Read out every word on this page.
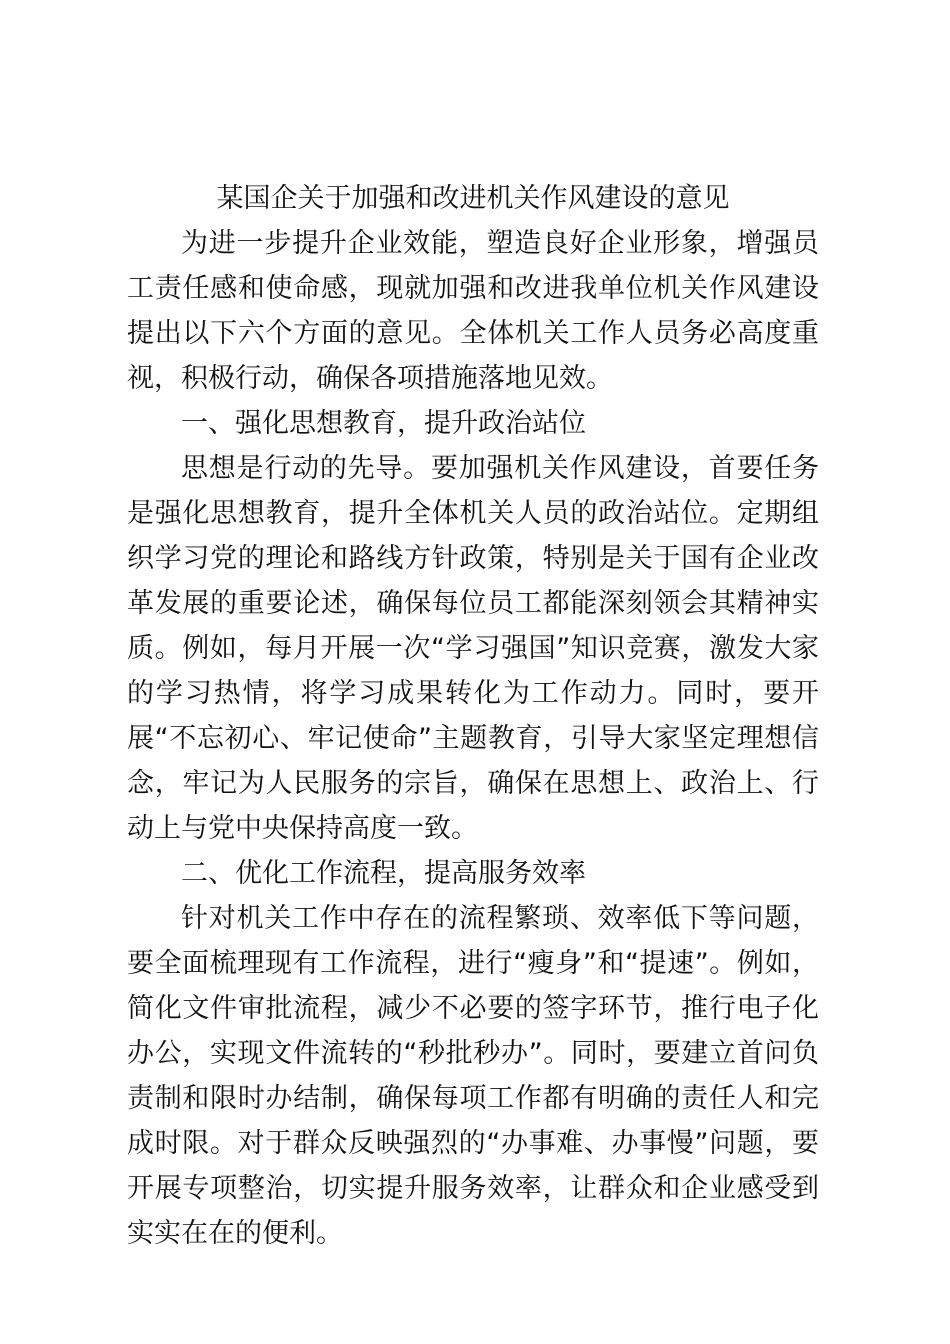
某国企关于加强和改进机关作风建设的意见

为进一步提升企业效能，塑造良好企业形象，增强员工责任感和使命感，现就加强和改进我单位机关作风建设提出以下六个方面的意见。全体机关工作人员务必高度重视，积极行动，确保各项措施落地见效。

一、强化思想教育，提升政治站位

思想是行动的先导。要加强机关作风建设，首要任务是强化思想教育，提升全体机关人员的政治站位。定期组织学习党的理论和路线方针政策，特别是关于国有企业改革发展的重要论述，确保每位员工都能深刻领会其精神实质。例如，每月开展一次“学习强国”知识竞赛，激发大家的学习热情，将学习成果转化为工作动力。同时，要开展“不忘初心、牢记使命”主题教育，引导大家坚定理想信念，牢记为人民服务的宗旨，确保在思想上、政治上、行动上与党中央保持高度一致。

二、优化工作流程，提高服务效率

针对机关工作中存在的流程繁琐、效率低下等问题，要全面梳理现有工作流程，进行“瘦身”和“提速”。例如，简化文件审批流程，减少不必要的签字环节，推行电子化办公，实现文件流转的“秒批秒办”。同时，要建立首问负责制和限时办结制，确保每项工作都有明确的责任人和完成时限。对于群众反映强烈的“办事难、办事慢”问题，要开展专项整治，切实提升服务效率，让群众和企业感受到实实在在的便利。
